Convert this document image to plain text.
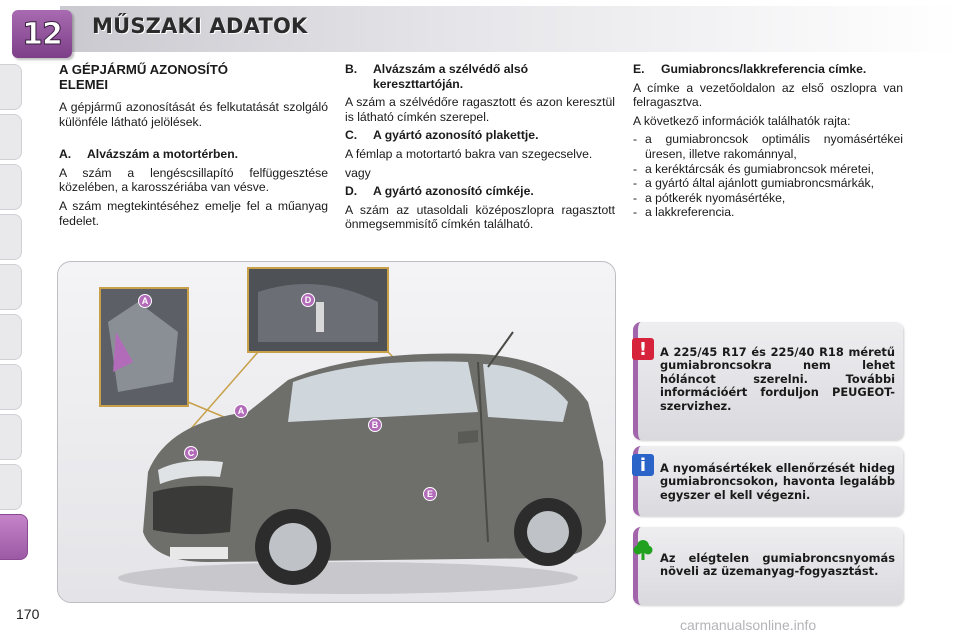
12 MŰSZAKI ADATOK
A GÉPJÁRMŰ AZONOSÍTÓ
ELEMEI

A gépjármű azonosítását és felkutatását szolgáló különféle látható jelölések.

A.	Alvázszám a motortérben.

A szám a lengéscsillapító felfüggesztése közelében, a karosszériába van vésve.

A szám megtekintéséhez emelje fel a műanyag fedelet.

B.	Alvázszám a szélvédő alsó kereszttartóján.

A szám a szélvédőre ragasztott és azon keresztül is látható címkén szerepel.

C.	A gyártó azonosító plakettje.

A fémlap a motortartó bakra van szegecselve.

vagy

D.	A gyártó azonosító címkéje.

A szám az utasoldali középoszlopra ragasztott önmegsemmisítő címkén található.

E.	Gumiabroncs/lakkreferencia címke.

A címke a vezetőoldalon az első oszlopra van felragasztva.

A következő információk találhatók rajta:

- a gumiabroncsok optimális nyomásértékei üresen, illetve rakománnyal,
- a keréktárcsák és gumiabroncsok méretei,
- a gyártó által ajánlott gumiabroncsmárkák,
- a pótkerék nyomásértéke,
- a lakkreferencia.
A	D
A
B
C
E
!	A 225/45 R17 és 225/40 R18 méretű gumiabroncsokra nem lehet hóláncot szerelni. További információért forduljon PEUGEOT-szervizhez.
i	A nyomásértékek ellenőrzését hideg gumiabroncsokon, havonta legalább egyszer el kell végezni.
Az elégtelen gumiabroncsnyomás növeli az üzemanyag-fogyasztást.
170
carmanualsonline.info
